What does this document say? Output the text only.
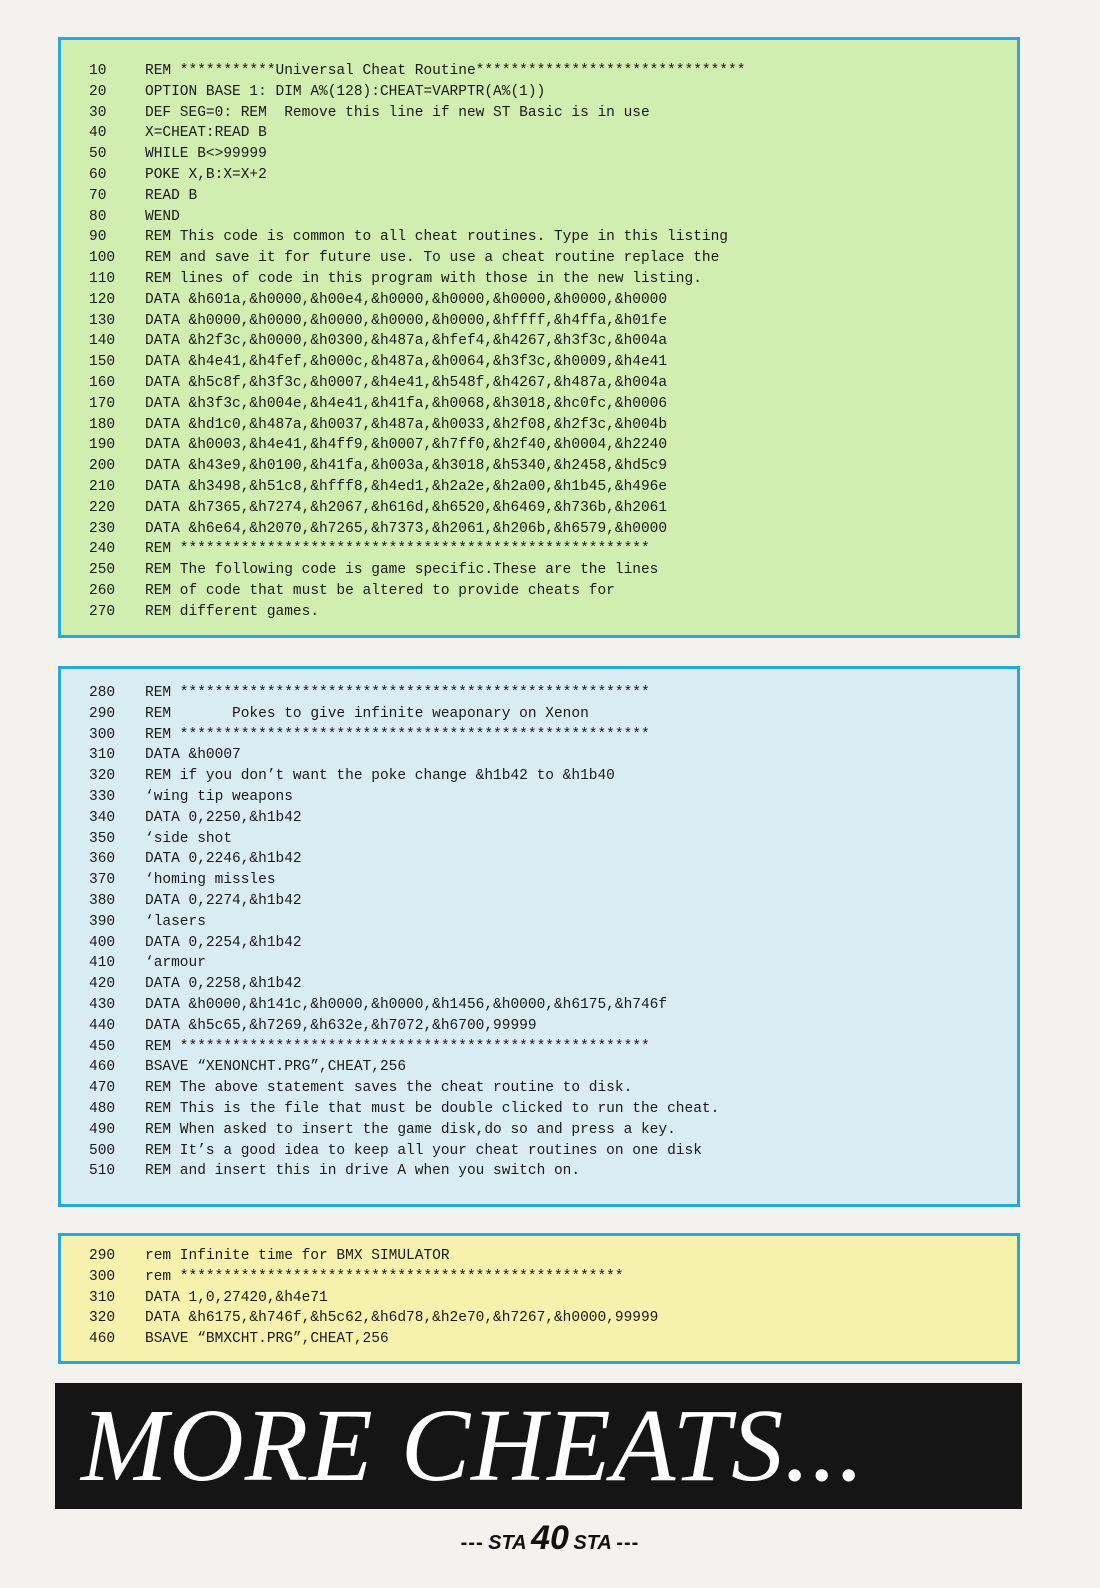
10	REM ***********Universal Cheat Routine*******************************
20	OPTION BASE 1: DIM A%(128):CHEAT=VARPTR(A%(1))
30	DEF SEG=0: REM  Remove this line if new ST Basic is in use
40	X=CHEAT:READ B
50	WHILE B<>99999
60	POKE X,B:X=X+2
70	READ B
80	WEND
90	REM This code is common to all cheat routines. Type in this listing
100 REM and save it for future use. To use a cheat routine replace the
110 REM lines of code in this program with those in the new listing.
120 DATA &h601a,&h0000,&h00e4,&h0000,&h0000,&h0000,&h0000,&h0000
130 DATA &h0000,&h0000,&h0000,&h0000,&h0000,&hffff,&h4ffa,&h01fe
140 DATA &h2f3c,&h0000,&h0300,&h487a,&hfef4,&h4267,&h3f3c,&h004a
150 DATA &h4e41,&h4fef,&h000c,&h487a,&h0064,&h3f3c,&h0009,&h4e41
160 DATA &h5c8f,&h3f3c,&h0007,&h4e41,&h548f,&h4267,&h487a,&h004a
170 DATA &h3f3c,&h004e,&h4e41,&h41fa,&h0068,&h3018,&hc0fc,&h0006
180 DATA &hd1c0,&h487a,&h0037,&h487a,&h0033,&h2f08,&h2f3c,&h004b
190 DATA &h0003,&h4e41,&h4ff9,&h0007,&h7ff0,&h2f40,&h0004,&h2240
200 DATA &h43e9,&h0100,&h41fa,&h003a,&h3018,&h5340,&h2458,&hd5c9
210 DATA &h3498,&h51c8,&hfff8,&h4ed1,&h2a2e,&h2a00,&h1b45,&h496e
220 DATA &h7365,&h7274,&h2067,&h616d,&h6520,&h6469,&h736b,&h2061
230 DATA &h6e64,&h2070,&h7265,&h7373,&h2061,&h206b,&h6579,&h0000
240 REM ******************************************************
250 REM The following code is game specific.These are the lines
260 REM of code that must be altered to provide cheats for
270 REM different games.
280 REM ******************************************************
290 REM       Pokes to give infinite weaponary on Xenon
300 REM ******************************************************
310 DATA &h0007
320 REM if you don’t want the poke change &h1b42 to &h1b40
330 ‘wing tip weapons
340 DATA 0,2250,&h1b42
350 ‘side shot
360 DATA 0,2246,&h1b42
370 ‘homing missles
380 DATA 0,2274,&h1b42
390 ‘lasers
400 DATA 0,2254,&h1b42
410 ‘armour
420 DATA 0,2258,&h1b42
430 DATA &h0000,&h141c,&h0000,&h0000,&h1456,&h0000,&h6175,&h746f
440 DATA &h5c65,&h7269,&h632e,&h7072,&h6700,99999
450 REM ******************************************************
460 BSAVE “XENONCHT.PRG”,CHEAT,256
470 REM The above statement saves the cheat routine to disk.
480 REM This is the file that must be double clicked to run the cheat.
490 REM When asked to insert the game disk,do so and press a key.
500 REM It’s a good idea to keep all your cheat routines on one disk
510 REM and insert this in drive A when you switch on.
290 rem Infinite time for BMX SIMULATOR
300 rem ***************************************************
310 DATA 1,0,27420,&h4e71
320 DATA &h6175,&h746f,&h5c62,&h6d78,&h2e70,&h7267,&h0000,99999
460 BSAVE “BMXCHT.PRG”,CHEAT,256
MORE CHEATS...
--- STA 40 STA ---
